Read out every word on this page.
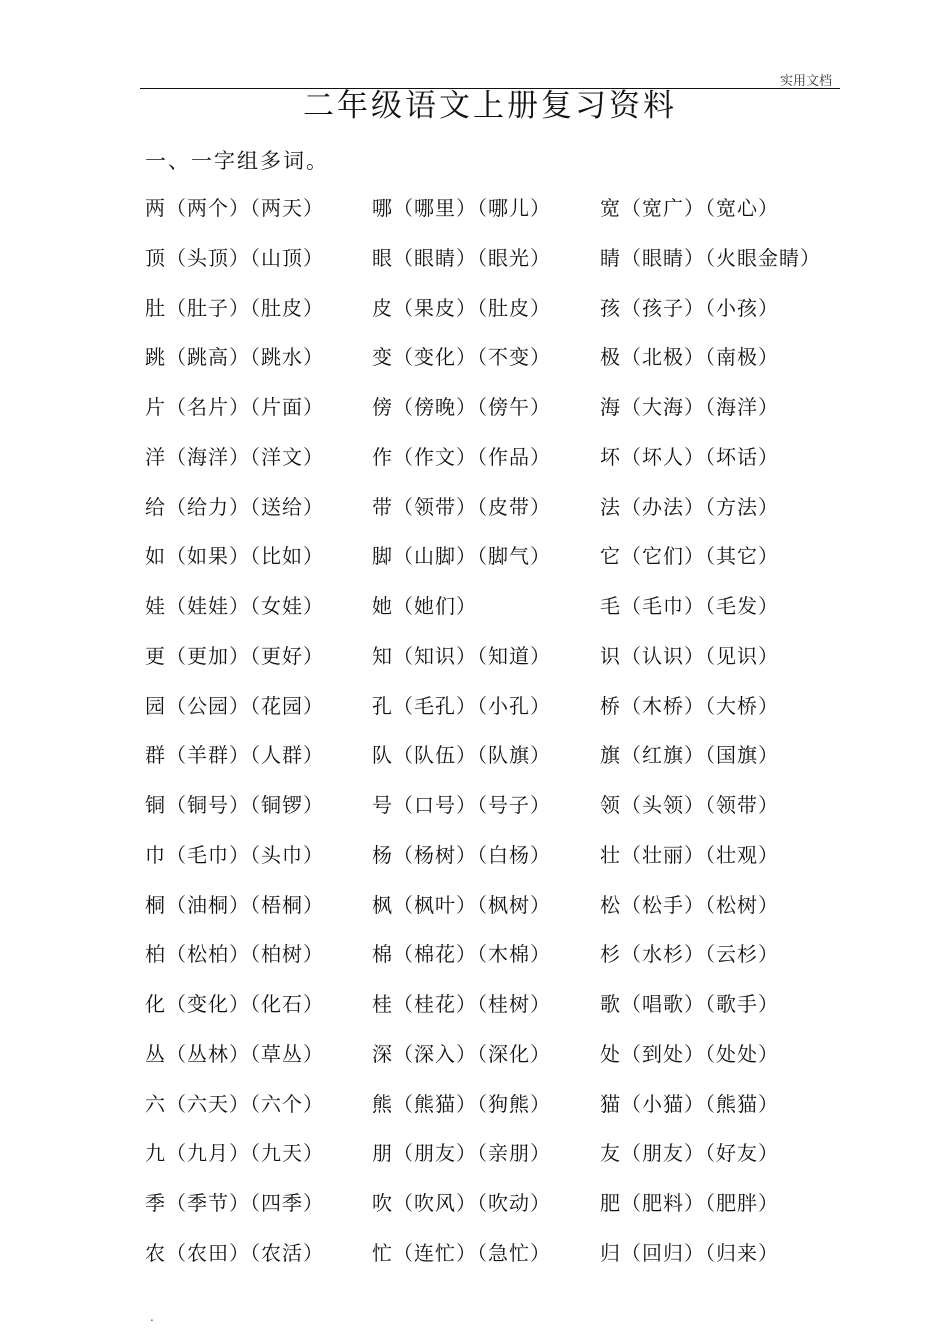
实用文档
二年级语文上册复习资料
一、一字组多词。
两（两个）（两天） 哪（哪里）（哪儿） 宽（宽广）（宽心）
顶（头顶）（山顶） 眼（眼睛）（眼光） 睛（眼睛）（火眼金睛）
肚（肚子）（肚皮） 皮（果皮）（肚皮） 孩（孩子）（小孩）
跳（跳高）（跳水） 变（变化）（不变） 极（北极）（南极）
片（名片）（片面） 傍（傍晚）（傍午） 海（大海）（海洋）
洋（海洋）（洋文） 作（作文）（作品） 坏（坏人）（坏话）
给（给力）（送给） 带（领带）（皮带） 法（办法）（方法）
如（如果）（比如） 脚（山脚）（脚气） 它（它们）（其它）
娃（娃娃）（女娃） 她（她们）	毛（毛巾）（毛发）
更（更加）（更好） 知（知识）（知道） 识（认识）（见识）
园（公园）（花园） 孔（毛孔）（小孔） 桥（木桥）（大桥）
群（羊群）（人群） 队（队伍）（队旗） 旗（红旗）（国旗）
铜（铜号）（铜锣） 号（口号）（号子） 领（头领）（领带）
巾（毛巾）（头巾） 杨（杨树）（白杨） 壮（壮丽）（壮观）
桐（油桐）（梧桐） 枫（枫叶）（枫树） 松（松手）（松树）
柏（松柏）（柏树） 棉（棉花）（木棉） 杉（水杉）（云杉）
化（变化）（化石） 桂（桂花）（桂树） 歌（唱歌）（歌手）
丛（丛林）（草丛） 深（深入）（深化） 处（到处）（处处）
六（六天）（六个） 熊（熊猫）（狗熊） 猫（小猫）（熊猫）
九（九月）（九天） 朋（朋友）（亲朋） 友（朋友）（好友）
季（季节）（四季） 吹（吹风）（吹动） 肥（肥料）（肥胖）
农（农田）（农活） 忙（连忙）（急忙） 归（回归）（归来）
.
